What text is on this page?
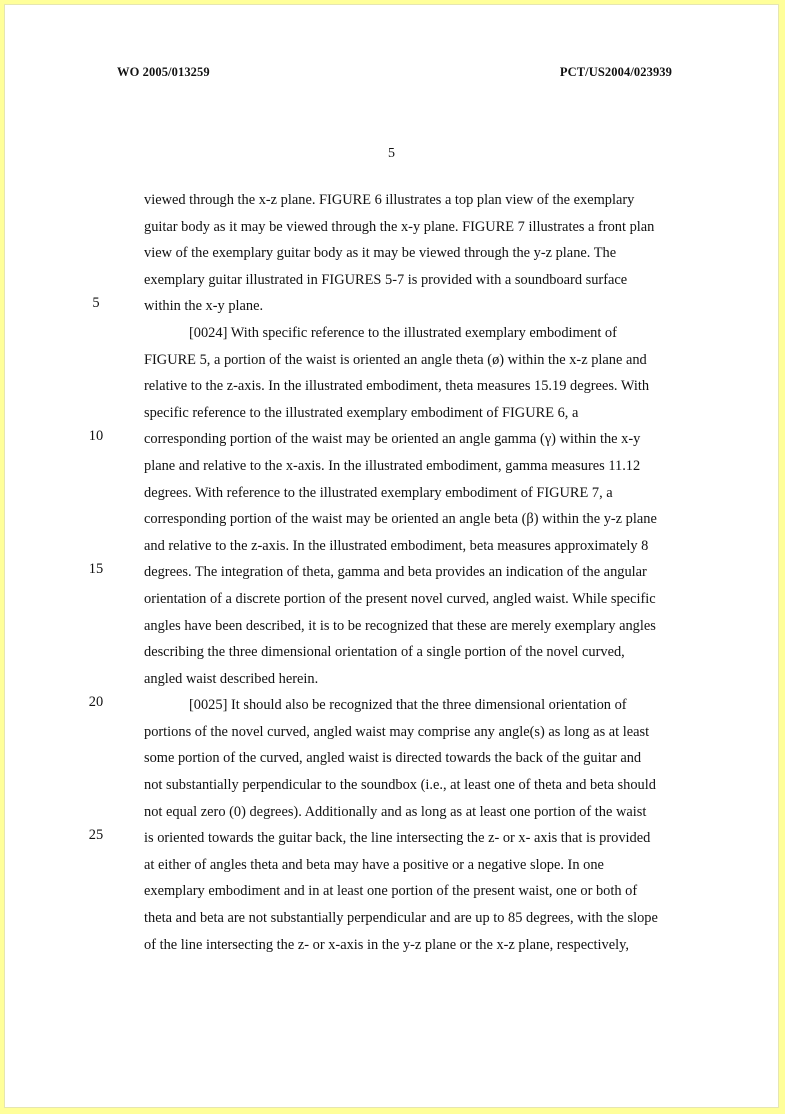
WO 2005/013259	PCT/US2004/023939
5
5
10
15
20
25
viewed through the x-z plane. FIGURE 6 illustrates a top plan view of the exemplary
guitar body as it may be viewed through the x-y plane. FIGURE 7 illustrates a front plan
view of the exemplary guitar body as it may be viewed through the y-z plane. The
exemplary guitar illustrated in FIGURES 5-7 is provided with a soundboard surface
within the x-y plane.
[0024] With specific reference to the illustrated exemplary embodiment of
FIGURE 5, a portion of the waist is oriented an angle theta (ø) within the x-z plane and
relative to the z-axis. In the illustrated embodiment, theta measures 15.19 degrees. With
specific reference to the illustrated exemplary embodiment of FIGURE 6, a
corresponding portion of the waist may be oriented an angle gamma (γ) within the x-y
plane and relative to the x-axis. In the illustrated embodiment, gamma measures 11.12
degrees. With reference to the illustrated exemplary embodiment of FIGURE 7, a
corresponding portion of the waist may be oriented an angle beta (β) within the y-z plane
and relative to the z-axis. In the illustrated embodiment, beta measures approximately 8
degrees. The integration of theta, gamma and beta provides an indication of the angular
orientation of a discrete portion of the present novel curved, angled waist. While specific
angles have been described, it is to be recognized that these are merely exemplary angles
describing the three dimensional orientation of a single portion of the novel curved,
angled waist described herein.
[0025] It should also be recognized that the three dimensional orientation of
portions of the novel curved, angled waist may comprise any angle(s) as long as at least
some portion of the curved, angled waist is directed towards the back of the guitar and
not substantially perpendicular to the soundbox (i.e., at least one of theta and beta should
not equal zero (0) degrees). Additionally and as long as at least one portion of the waist
is oriented towards the guitar back, the line intersecting the z- or x- axis that is provided
at either of angles theta and beta may have a positive or a negative slope. In one
exemplary embodiment and in at least one portion of the present waist, one or both of
theta and beta are not substantially perpendicular and are up to 85 degrees, with the slope
of the line intersecting the z- or x-axis in the y-z plane or the x-z plane, respectively,
